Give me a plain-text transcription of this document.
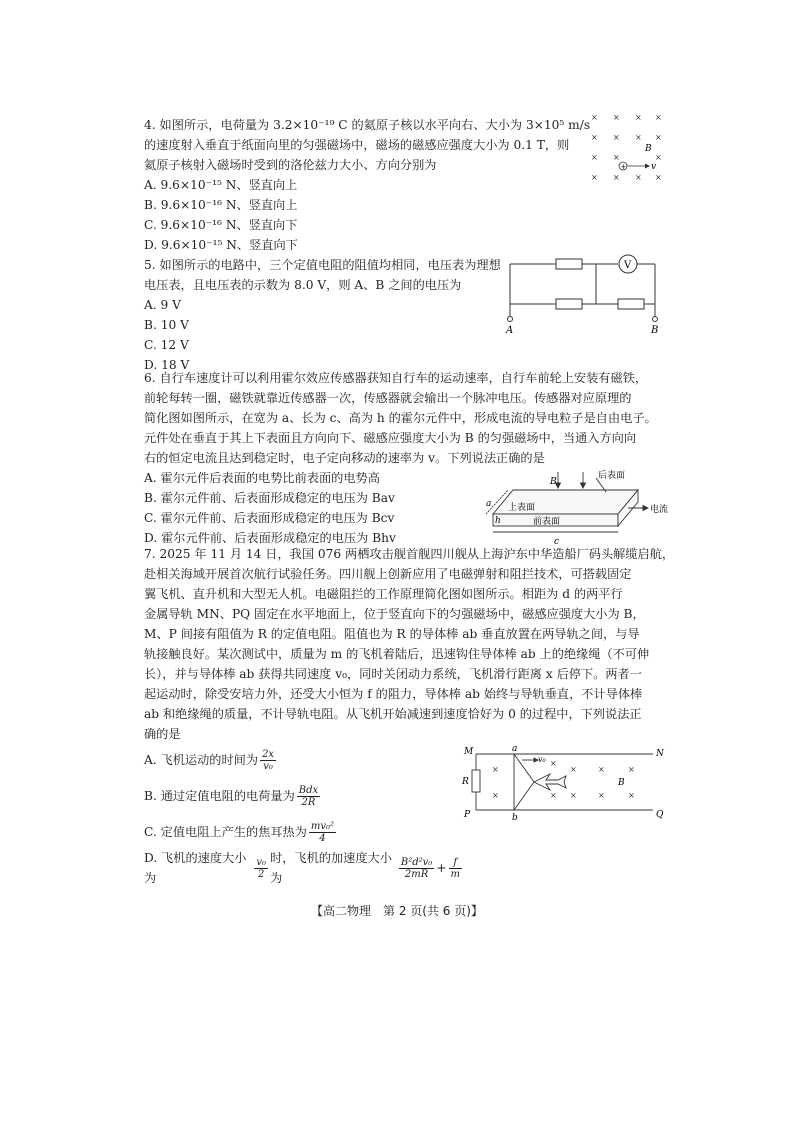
4. 如图所示，电荷量为 3.2×10⁻¹⁹ C 的氦原子核以水平向右、大小为 3×10⁵ m/s
的速度射入垂直于纸面向里的匀强磁场中，磁场的磁感应强度大小为 0.1 T，则
氦原子核射入磁场时受到的洛伦兹力大小、方向分别为
A. 9.6×10⁻¹⁵ N、竖直向上
B. 9.6×10⁻¹⁶ N、竖直向上
C. 9.6×10⁻¹⁶ N、竖直向下
D. 9.6×10⁻¹⁵ N、竖直向下
× × × ×
× × × ×
× ×	×
× × × ×
B
+	v
5. 如图所示的电路中，三个定值电阻的阻值均相同，电压表为理想
电压表，且电压表的示数为 8.0 V，则 A、B 之间的电压为
A. 9 V
B. 10 V
C. 12 V
D. 18 V
V
A	B
6. 自行车速度计可以利用霍尔效应传感器获知自行车的运动速率，自行车前轮上安装有磁铁，
前轮每转一圈，磁铁就靠近传感器一次，传感器就会输出一个脉冲电压。传感器对应原理的
简化图如图所示，在宽为 a、长为 c、高为 h 的霍尔元件中，形成电流的导电粒子是自由电子。
元件处在垂直于其上下表面且方向向下、磁感应强度大小为 B 的匀强磁场中，当通入方向向
右的恒定电流且达到稳定时，电子定向移动的速率为 v。下列说法正确的是
A. 霍尔元件后表面的电势比前表面的电势高
B. 霍尔元件前、后表面形成稳定的电压为 Bav
C. 霍尔元件前、后表面形成稳定的电压为 Bcv
D. 霍尔元件前、后表面形成稳定的电压为 Bhv
后表面
B
上表面
前表面
电流
a
h
c
7. 2025 年 11 月 14 日，我国 076 两栖攻击舰首舰四川舰从上海沪东中华造船厂码头解缆启航，
赴相关海域开展首次航行试验任务。四川舰上创新应用了电磁弹射和阻拦技术，可搭载固定
翼飞机、直升机和大型无人机。电磁阻拦的工作原理简化图如图所示。相距为 d 的两平行
金属导轨 MN、PQ 固定在水平地面上，位于竖直向下的匀强磁场中，磁感应强度大小为 B，
M、P 间接有阻值为 R 的定值电阻。阻值也为 R 的导体棒 ab 垂直放置在两导轨之间，与导
轨接触良好。某次测试中，质量为 m 的飞机着陆后，迅速钩住导体棒 ab 上的绝缘绳（不可伸
长），并与导体棒 ab 获得共同速度 v₀，同时关闭动力系统，飞机滑行距离 x 后停下。两者一
起运动时，除受安培力外，还受大小恒为 f 的阻力，导体棒 ab 始终与导轨垂直，不计导体棒
ab 和绝缘绳的质量，不计导轨电阻。从飞机开始减速到速度恰好为 0 的过程中，下列说法正
确的是
A. 飞机运动的时间为 $\frac{2x}{\text{v₀}}$
B. 通过定值电阻的电荷量为 $\frac{\text{Bdx}}{2R}$
C. 定值电阻上产生的焦耳热为 $\frac{\text{mv₀²}}{4}$
D. 飞机的速度大小为	$\frac{\text{v₀}}{2}$ 时，飞机的加速度大小为	$\frac{\text{B²d²v₀}}{2mR} + \frac{f}{m}$
×
×
×	×	×
×	×	×
×
×
M	N
P	Q
a
b
R	B
v₀
【高二物理　第 2 页(共 6 页)】
